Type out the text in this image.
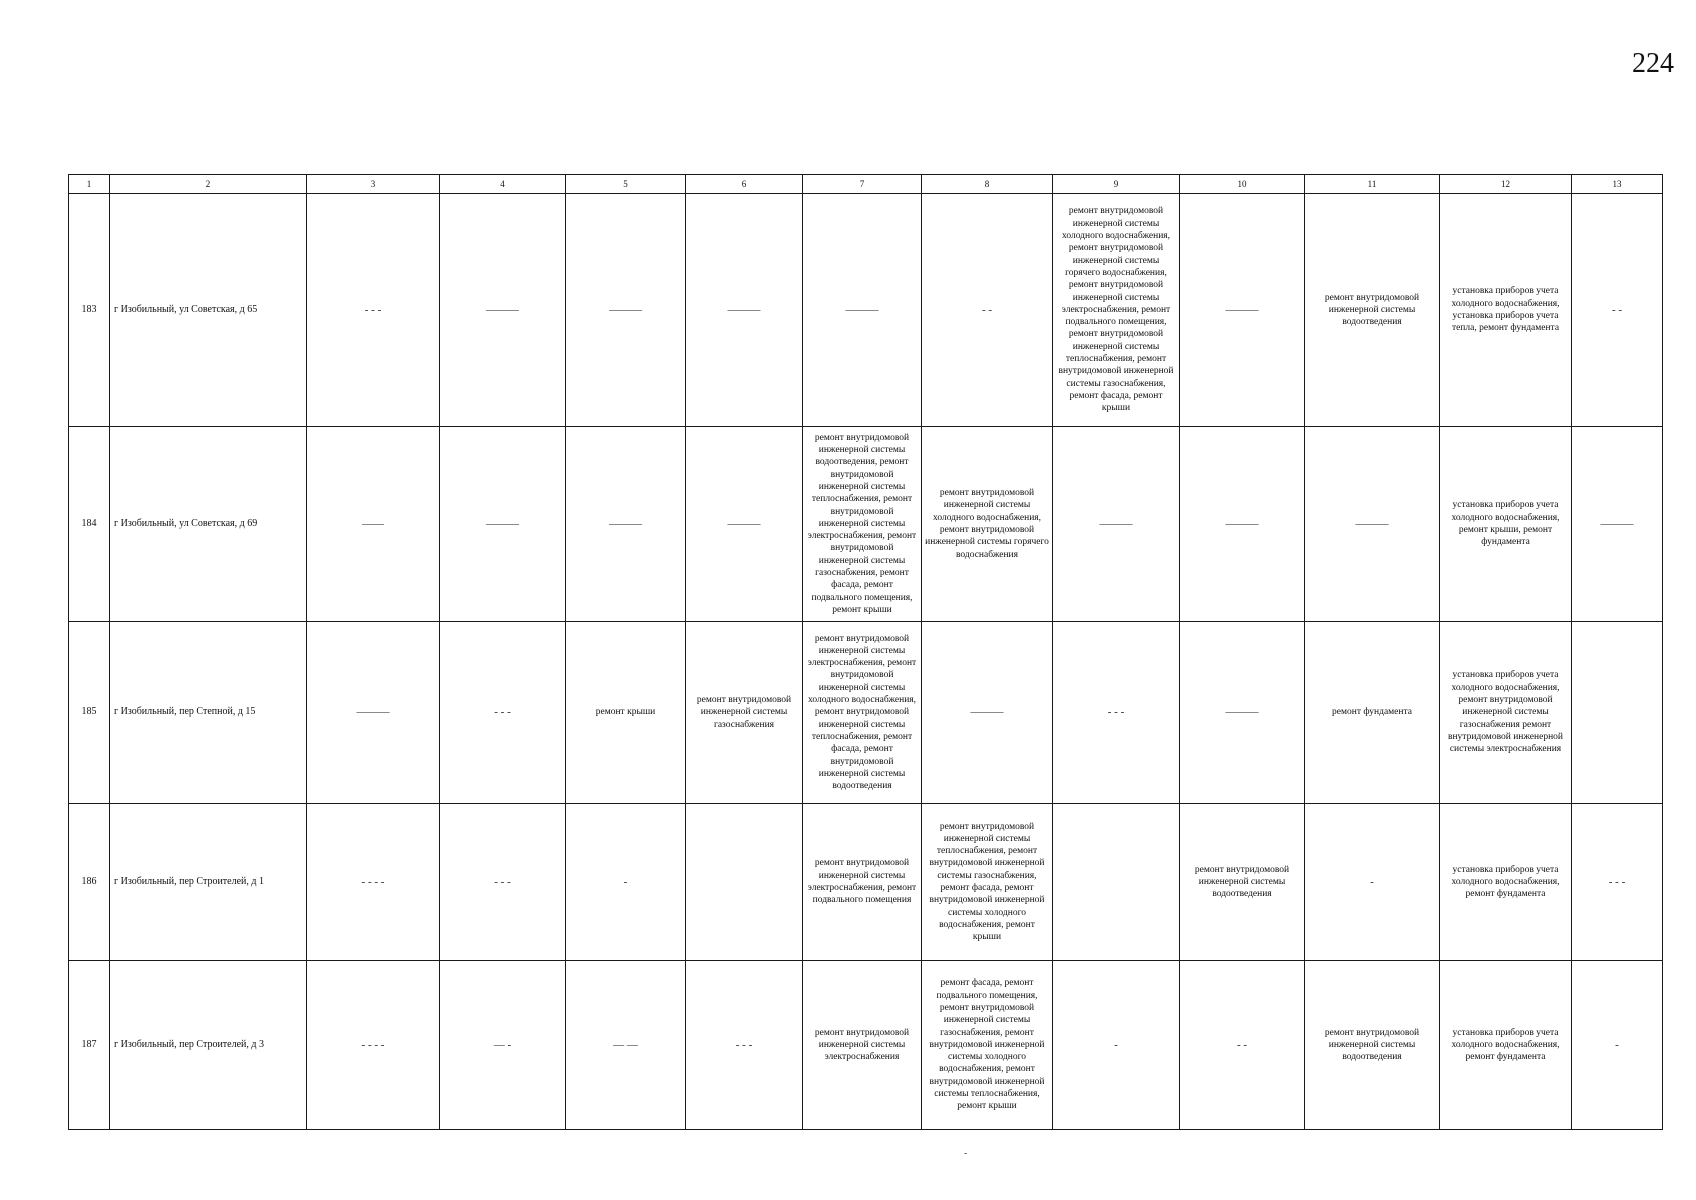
224
1	2	3	4	5	6	7	8	9	10	11	12	13
183	г Изобильный, ул Советская, д 65	- - -	———	———	———	———	- -	ремонт внутридомовой инженерной системы холодного водоснабжения, ремонт внутридомовой инженерной системы горячего водоснабжения, ремонт внутридомовой инженерной системы электроснабжения, ремонт подвального помещения, ремонт внутридомовой инженерной системы теплоснабжения, ремонт внутридомовой инженерной системы газоснабжения, ремонт фасада, ремонт крыши	———	ремонт внутридомовой инженерной системы водоотведения	установка приборов учета холодного водоснабжения, установка приборов учета тепла, ремонт фундамента	- -
184	г Изобильный, ул Советская, д 69	——	———	———	———	ремонт внутридомовой инженерной системы водоотведения, ремонт внутридомовой инженерной системы теплоснабжения, ремонт внутридомовой инженерной системы электроснабжения, ремонт внутридомовой инженерной системы газоснабжения, ремонт фасада, ремонт подвального помещения, ремонт крыши	ремонт внутридомовой инженерной системы холодного водоснабжения, ремонт внутридомовой инженерной системы горячего водоснабжения	———	———	———	установка приборов учета холодного водоснабжения, ремонт крыши, ремонт фундамента	———
185	г Изобильный, пер Степной, д 15	———	- - -	ремонт крыши	ремонт внутридомовой инженерной системы газоснабжения	ремонт внутридомовой инженерной системы электроснабжения, ремонт внутридомовой инженерной системы холодного водоснабжения, ремонт внутридомовой инженерной системы теплоснабжения, ремонт фасада, ремонт внутридомовой инженерной системы водоотведения	———	- - -	———	ремонт фундамента	установка приборов учета холодного водоснабжения, ремонт внутридомовой инженерной системы газоснабжения ремонт внутридомовой инженерной системы электроснабжения	
186	г Изобильный, пер Строителей, д 1	- - - -	- - -	-		ремонт внутридомовой инженерной системы электроснабжения, ремонт подвального помещения	ремонт внутридомовой инженерной системы теплоснабжения, ремонт внутридомовой инженерной системы газоснабжения, ремонт фасада, ремонт внутридомовой инженерной системы холодного водоснабжения, ремонт крыши		ремонт внутридомовой инженерной системы водоотведения	-	установка приборов учета холодного водоснабжения, ремонт фундамента	- - -
187	г Изобильный, пер Строителей, д 3	- - - -	— -	— —	- - -	ремонт внутридомовой инженерной системы электроснабжения	ремонт фасада, ремонт подвального помещения, ремонт внутридомовой инженерной системы газоснабжения, ремонт внутридомовой инженерной системы холодного водоснабжения, ремонт внутридомовой инженерной системы теплоснабжения, ремонт крыши	-	- -	ремонт внутридомовой инженерной системы водоотведения	установка приборов учета холодного водоснабжения, ремонт фундамента	-
-
